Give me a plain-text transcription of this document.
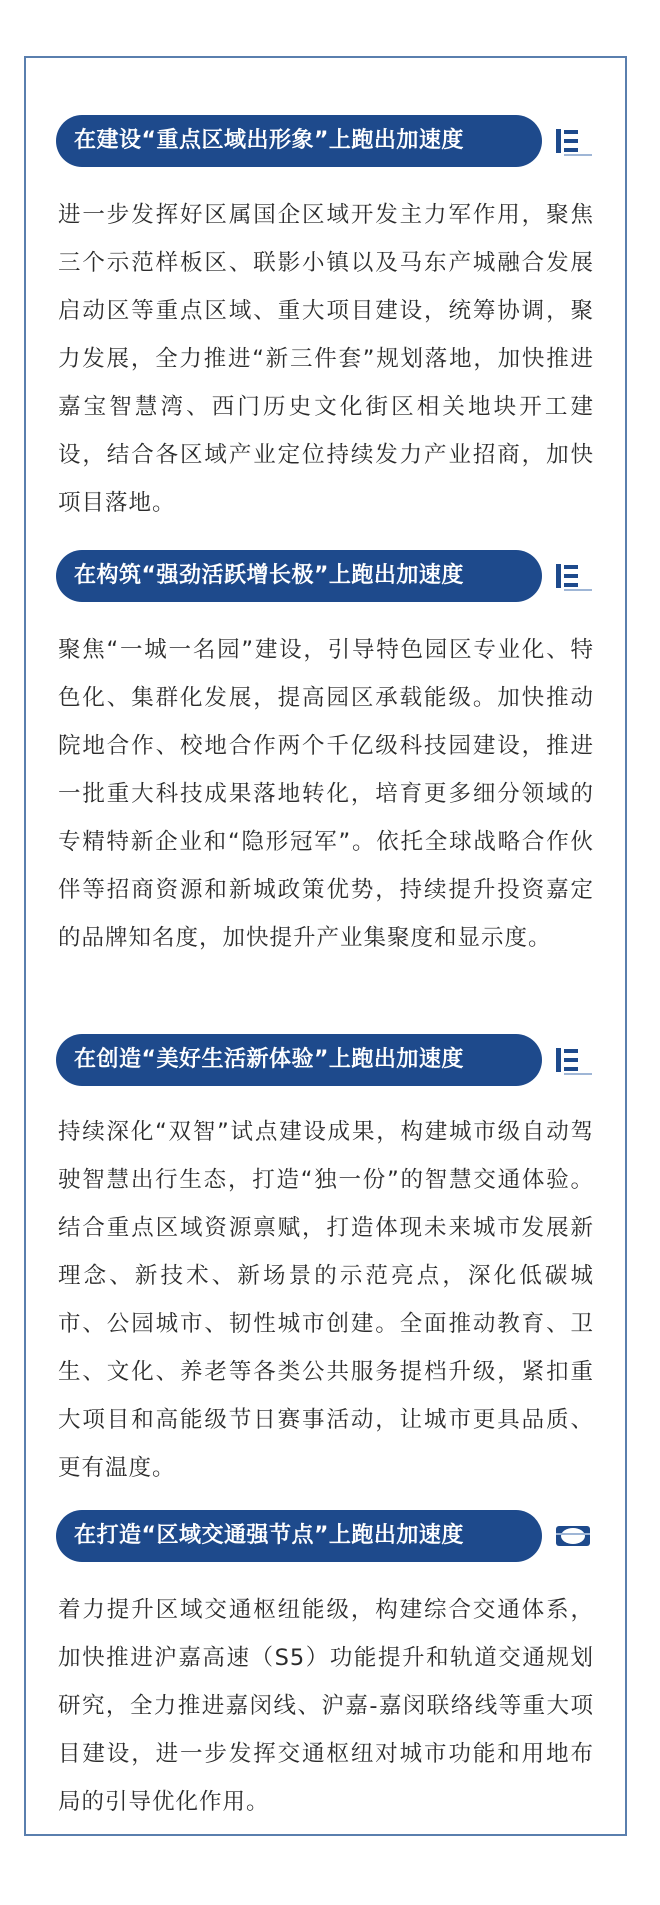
在建设“重点区域出形象”上跑出加速度

进一步发挥好区属国企区域开发主力军作用，聚焦三个示范样板区、联影小镇以及马东产城融合发展启动区等重点区域、重大项目建设，统筹协调，聚力发展，全力推进“新三件套”规划落地，加快推进嘉宝智慧湾、西门历史文化街区相关地块开工建设，结合各区域产业定位持续发力产业招商，加快项目落地。

在构筑“强劲活跃增长极”上跑出加速度

聚焦“一城一名园”建设，引导特色园区专业化、特色化、集群化发展，提高园区承载能级。加快推动院地合作、校地合作两个千亿级科技园建设，推进一批重大科技成果落地转化，培育更多细分领域的专精特新企业和“隐形冠军”。依托全球战略合作伙伴等招商资源和新城政策优势，持续提升投资嘉定的品牌知名度，加快提升产业集聚度和显示度。

在创造“美好生活新体验”上跑出加速度

持续深化“双智”试点建设成果，构建城市级自动驾驶智慧出行生态，打造“独一份”的智慧交通体验。结合重点区域资源禀赋，打造体现未来城市发展新理念、新技术、新场景的示范亮点，深化低碳城市、公园城市、韧性城市创建。全面推动教育、卫生、文化、养老等各类公共服务提档升级，紧扣重大项目和高能级节日赛事活动，让城市更具品质、更有温度。

在打造“区域交通强节点”上跑出加速度

着力提升区域交通枢纽能级，构建综合交通体系，加快推进沪嘉高速（S5）功能提升和轨道交通规划研究，全力推进嘉闵线、沪嘉-嘉闵联络线等重大项目建设，进一步发挥交通枢纽对城市功能和用地布局的引导优化作用。
